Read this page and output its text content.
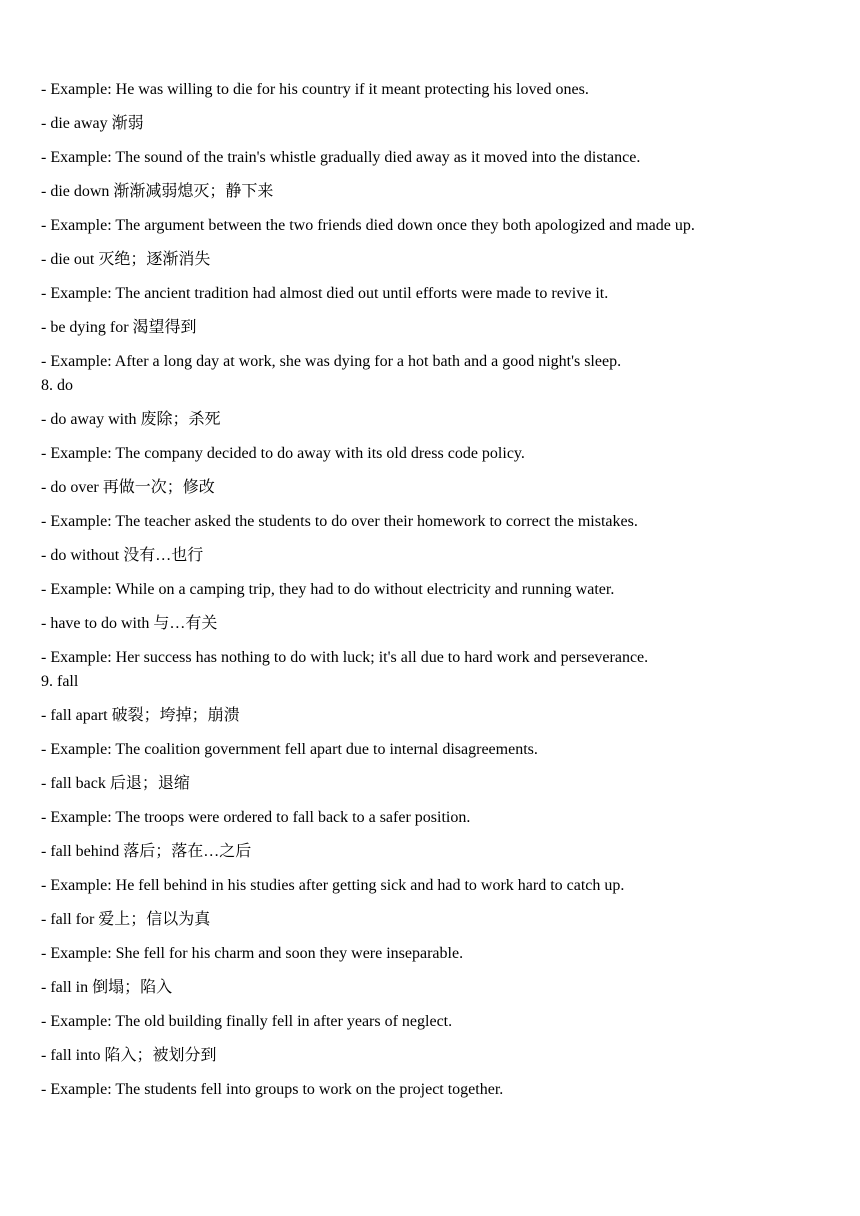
- Example: He was willing to die for his country if it meant protecting his loved ones.

- die away 渐弱

- Example: The sound of the train's whistle gradually died away as it moved into the distance.

- die down 渐渐减弱熄灭；静下来

- Example: The argument between the two friends died down once they both apologized and made up.

- die out 灭绝；逐渐消失

- Example: The ancient tradition had almost died out until efforts were made to revive it.

- be dying for 渴望得到

- Example: After a long day at work, she was dying for a hot bath and a good night's sleep.

8. do

- do away with 废除；杀死

- Example: The company decided to do away with its old dress code policy.

- do over 再做一次；修改

- Example: The teacher asked the students to do over their homework to correct the mistakes.

- do without 没有…也行

- Example: While on a camping trip, they had to do without electricity and running water.

- have to do with 与…有关

- Example: Her success has nothing to do with luck; it's all due to hard work and perseverance.

9. fall

- fall apart 破裂；垮掉；崩溃

- Example: The coalition government fell apart due to internal disagreements.

- fall back 后退；退缩

- Example: The troops were ordered to fall back to a safer position.

- fall behind 落后；落在…之后

- Example: He fell behind in his studies after getting sick and had to work hard to catch up.

- fall for 爱上；信以为真

- Example: She fell for his charm and soon they were inseparable.

- fall in 倒塌；陷入

- Example: The old building finally fell in after years of neglect.

- fall into 陷入；被划分到

- Example: The students fell into groups to work on the project together.
